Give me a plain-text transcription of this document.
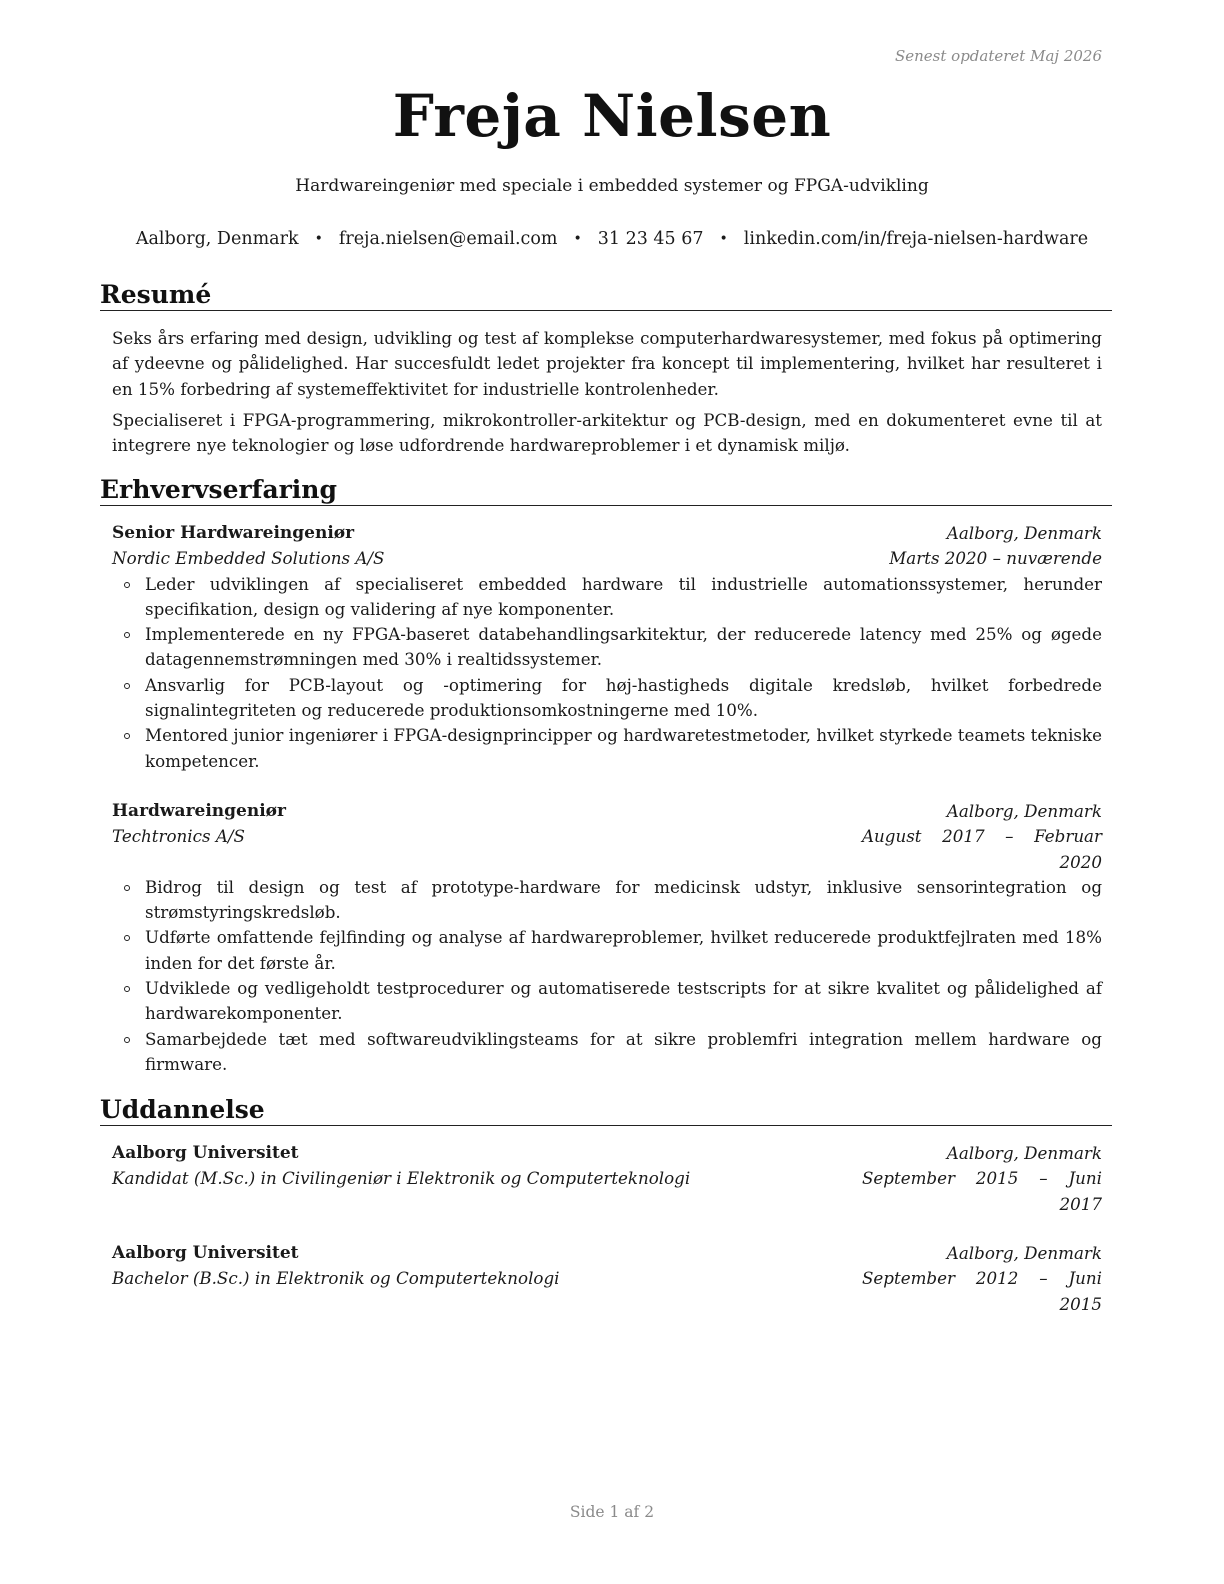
Senest opdateret Maj 2026
Freja Nielsen
Hardwareingeniør med speciale i embedded systemer og FPGA-udvikling
Aalborg, Denmark • freja.nielsen@email.com • 31 23 45 67 • linkedin.com/in/freja-nielsen-hardware
Resumé
Seks års erfaring med design, udvikling og test af komplekse computerhardwaresystemer, med fokus på optimering af ydeevne og pålidelighed. Har succesfuldt ledet projekter fra koncept til implementering, hvilket har resulteret i en 15% forbedring af systemeffektivitet for industrielle kontrolenheder.
Specialiseret i FPGA-programmering, mikrokontroller-arkitektur og PCB-design, med en dokumenteret evne til at integrere nye teknologier og løse udfordrende hardwareproblemer i et dynamisk miljø.
Erhvervserfaring
Senior Hardwareingeniør	Aalborg, Denmark
Nordic Embedded Solutions A/S	Marts 2020 – nuværende
Leder udviklingen af specialiseret embedded hardware til industrielle automationssystemer, herunder specifikation, design og validering af nye komponenter.
Implementerede en ny FPGA-baseret databehandlingsarkitektur, der reducerede latency med 25% og øgede datagennemstrømningen med 30% i realtidssystemer.
Ansvarlig for PCB-layout og -optimering for høj-hastigheds digitale kredsløb, hvilket forbedrede signalintegriteten og reducerede produktionsomkostningerne med 10%.
Mentored junior ingeniører i FPGA-designprincipper og hardwaretestmetoder, hvilket styrkede teamets tekniske kompetencer.
Hardwareingeniør	Aalborg, Denmark
Techtronics A/S	August 2017 – Februar 2020
Bidrog til design og test af prototype-hardware for medicinsk udstyr, inklusive sensorintegration og strømstyringskredsløb.
Udførte omfattende fejlfinding og analyse af hardwareproblemer, hvilket reducerede produktfejlraten med 18% inden for det første år.
Udviklede og vedligeholdt testprocedurer og automatiserede testscripts for at sikre kvalitet og pålidelighed af hardwarekomponenter.
Samarbejdede tæt med softwareudviklingsteams for at sikre problemfri integration mellem hardware og firmware.
Uddannelse
Aalborg Universitet	Aalborg, Denmark
Kandidat (M.Sc.) in Civilingeniør i Elektronik og Computerteknologi	September 2015 – Juni 2017
Aalborg Universitet	Aalborg, Denmark
Bachelor (B.Sc.) in Elektronik og Computerteknologi	September 2012 – Juni 2015
Side 1 af 2
